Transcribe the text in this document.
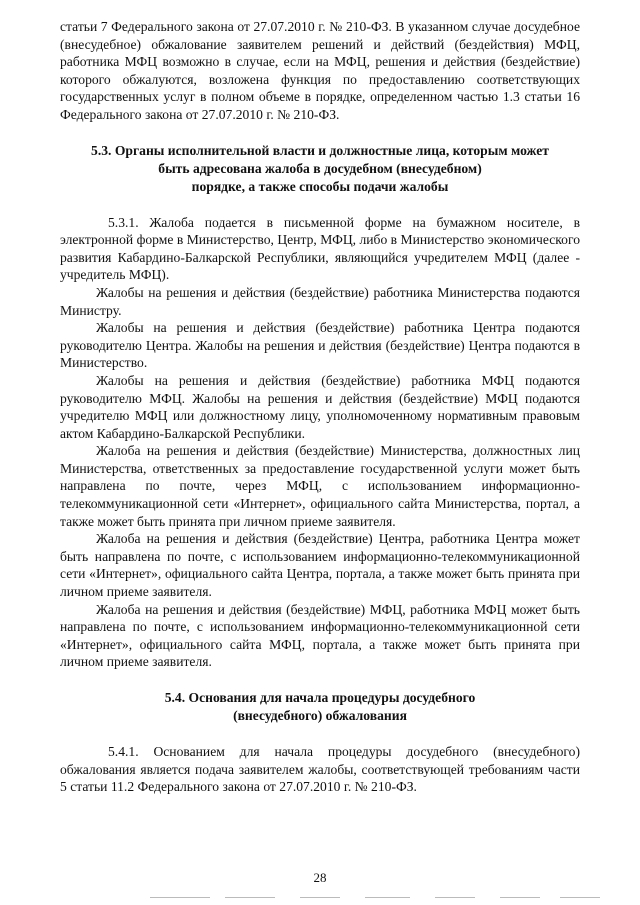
статьи 7 Федерального закона от 27.07.2010 г. № 210-ФЗ. В указанном случае досудебное (внесудебное) обжалование заявителем решений и действий (бездействия) МФЦ, работника МФЦ возможно в случае, если на МФЦ, решения и действия (бездействие) которого обжалуются, возложена функция по предоставлению соответствующих государственных услуг в полном объеме в порядке, определенном частью 1.3 статьи 16 Федерального закона от 27.07.2010 г. № 210-ФЗ.

5.3. Органы исполнительной власти и должностные лица, которым может
быть адресована жалоба в досудебном (внесудебном)
порядке, а также способы подачи жалобы

5.3.1. Жалоба подается в письменной форме на бумажном носителе, в электронной форме в Министерство, Центр, МФЦ, либо в Министерство экономического развития Кабардино-Балкарской Республики, являющийся учредителем МФЦ (далее - учредитель МФЦ).

Жалобы на решения и действия (бездействие) работника Министерства подаются Министру.

Жалобы на решения и действия (бездействие) работника Центра подаются руководителю Центра. Жалобы на решения и действия (бездействие) Центра подаются в Министерство.

Жалобы на решения и действия (бездействие) работника МФЦ подаются руководителю МФЦ. Жалобы на решения и действия (бездействие) МФЦ подаются учредителю МФЦ или должностному лицу, уполномоченному нормативным правовым актом Кабардино-Балкарской Республики.

Жалоба на решения и действия (бездействие) Министерства, должностных лиц Министерства, ответственных за предоставление государственной услуги может быть направлена по почте, через МФЦ, с использованием информационно-телекоммуникационной сети «Интернет», официального сайта Министерства, портал, а также может быть принята при личном приеме заявителя.

Жалоба на решения и действия (бездействие) Центра, работника Центра может быть направлена по почте, с использованием информационно-телекоммуникационной сети «Интернет», официального сайта Центра, портала, а также может быть принята при личном приеме заявителя.

Жалоба на решения и действия (бездействие) МФЦ, работника МФЦ может быть направлена по почте, с использованием информационно-телекоммуникационной сети «Интернет», официального сайта МФЦ, портала, а также может быть принята при личном приеме заявителя.

5.4. Основания для начала процедуры досудебного
(внесудебного) обжалования

5.4.1. Основанием для начала процедуры досудебного (внесудебного) обжалования является подача заявителем жалобы, соответствующей требованиям части 5 статьи 11.2 Федерального закона от 27.07.2010 г. № 210-ФЗ.

28
